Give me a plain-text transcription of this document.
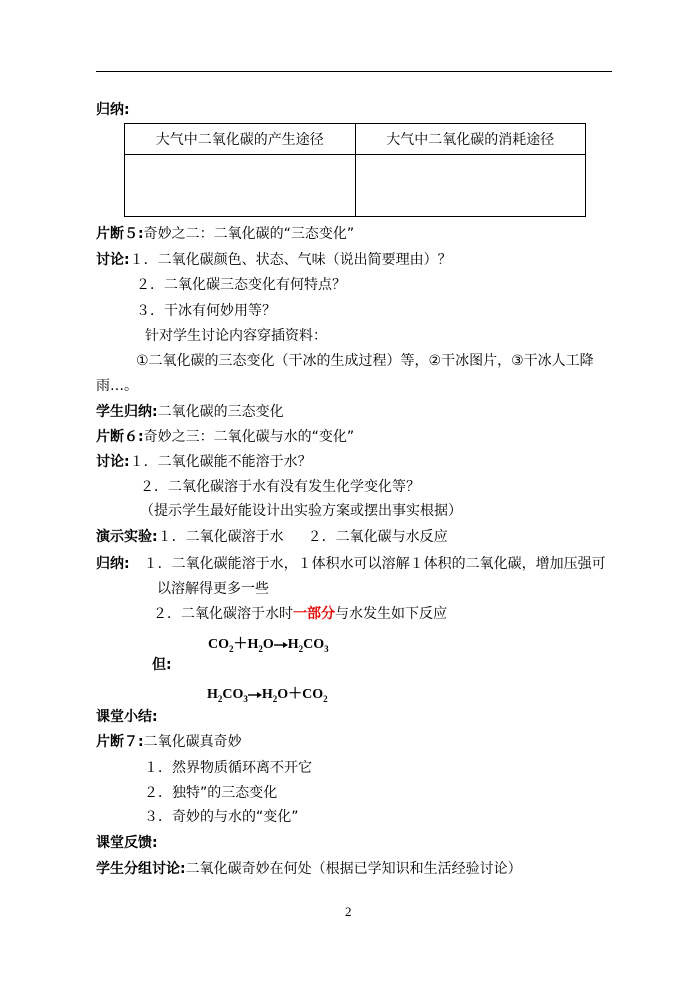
归纳:
大气中二氧化碳的产生途径	大气中二氧化碳的消耗途径

片断５:奇妙之二：二氧化碳的“三态变化”
讨论:１．二氧化碳颜色、状态、气味（说出简要理由）？
２．二氧化碳三态变化有何特点？
３．干冰有何妙用等？
针对学生讨论内容穿插资料：
①二氧化碳的三态变化（干冰的生成过程）等，②干冰图片，③干冰人工降
雨…。
学生归纳:二氧化碳的三态变化
片断６:奇妙之三：二氧化碳与水的“变化”
讨论:１．二氧化碳能不能溶于水？
２．二氧化碳溶于水有没有发生化学变化等？
（提示学生最好能设计出实验方案或摆出事实根据）
演示实验:１．二氧化碳溶于水 ２．二氧化碳与水反应
归纳: １．二氧化碳能溶于水，１体积水可以溶解１体积的二氧化碳，增加压强可
以溶解得更多一些
２．二氧化碳溶于水时一部分与水发生如下反应
$CO_2+H_2O\to H_2CO_3$
但:
$H_2CO_3\to H_2O+CO_2$
课堂小结:
片断７:二氧化碳真奇妙
１．然界物质循环离不开它
２．独特”的三态变化
３．奇妙的与水的“变化”
课堂反馈:
学生分组讨论:二氧化碳奇妙在何处（根据已学知识和生活经验讨论）
2
